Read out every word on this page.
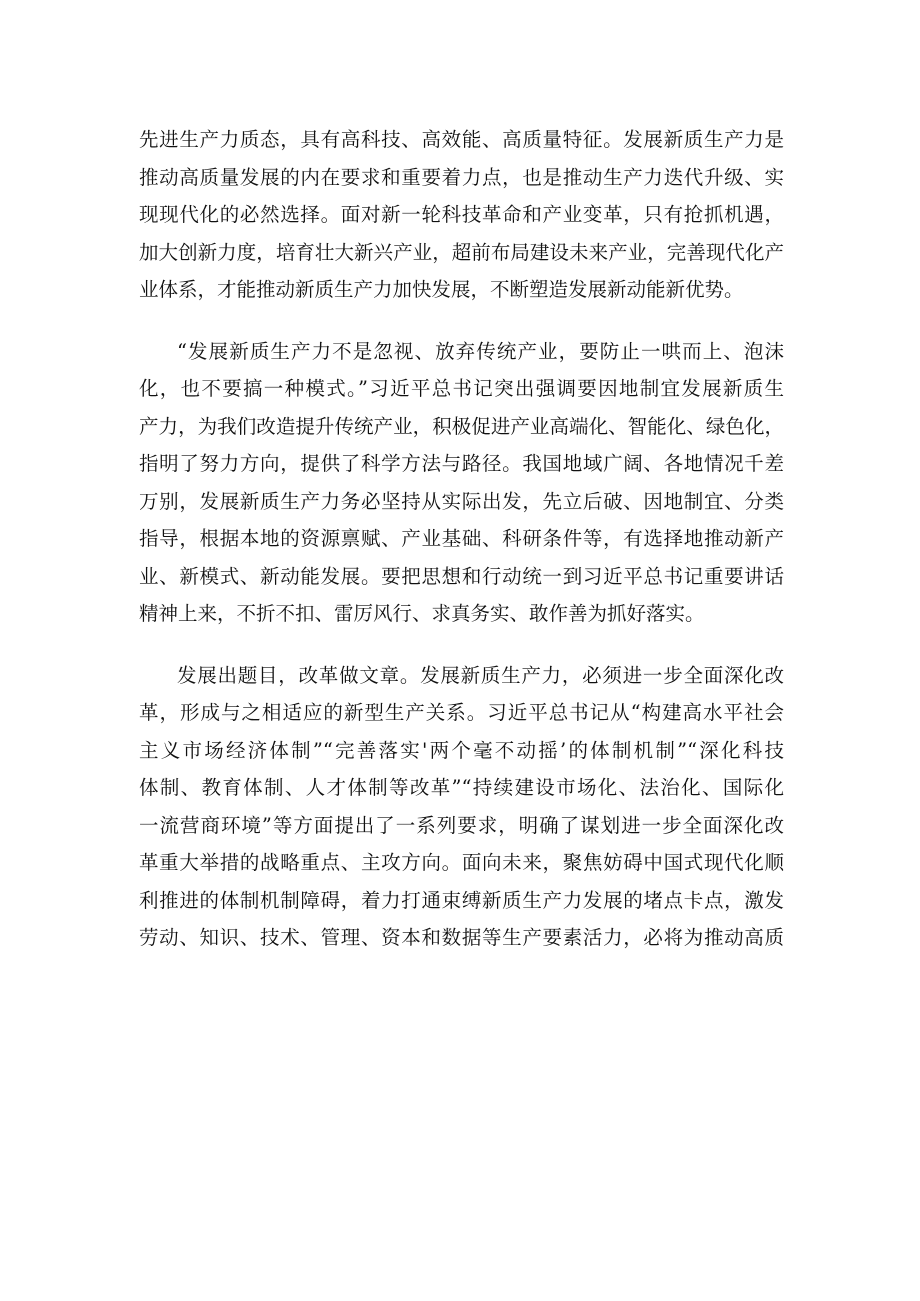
先进生产力质态，具有高科技、高效能、高质量特征。发展新质生产力是
推动高质量发展的内在要求和重要着力点，也是推动生产力迭代升级、实
现现代化的必然选择。面对新一轮科技革命和产业变革，只有抢抓机遇，
加大创新力度，培育壮大新兴产业，超前布局建设未来产业，完善现代化产
业体系，才能推动新质生产力加快发展，不断塑造发展新动能新优势。
“发展新质生产力不是忽视、放弃传统产业，要防止一哄而上、泡沫
化，也不要搞一种模式。”习近平总书记突出强调要因地制宜发展新质生
产力，为我们改造提升传统产业，积极促进产业高端化、智能化、绿色化，
指明了努力方向，提供了科学方法与路径。我国地域广阔、各地情况千差
万别，发展新质生产力务必坚持从实际出发，先立后破、因地制宜、分类
指导，根据本地的资源禀赋、产业基础、科研条件等，有选择地推动新产
业、新模式、新动能发展。要把思想和行动统一到习近平总书记重要讲话
精神上来，不折不扣、雷厉风行、求真务实、敢作善为抓好落实。
发展出题目，改革做文章。发展新质生产力，必须进一步全面深化改
革，形成与之相适应的新型生产关系。习近平总书记从“构建高水平社会
主义市场经济体制”“完善落实'两个毫不动摇’的体制机制”“深化科技
体制、教育体制、人才体制等改革”“持续建设市场化、法治化、国际化
一流营商环境”等方面提出了一系列要求，明确了谋划进一步全面深化改
革重大举措的战略重点、主攻方向。面向未来，聚焦妨碍中国式现代化顺
利推进的体制机制障碍，着力打通束缚新质生产力发展的堵点卡点，激发
劳动、知识、技术、管理、资本和数据等生产要素活力，必将为推动高质
